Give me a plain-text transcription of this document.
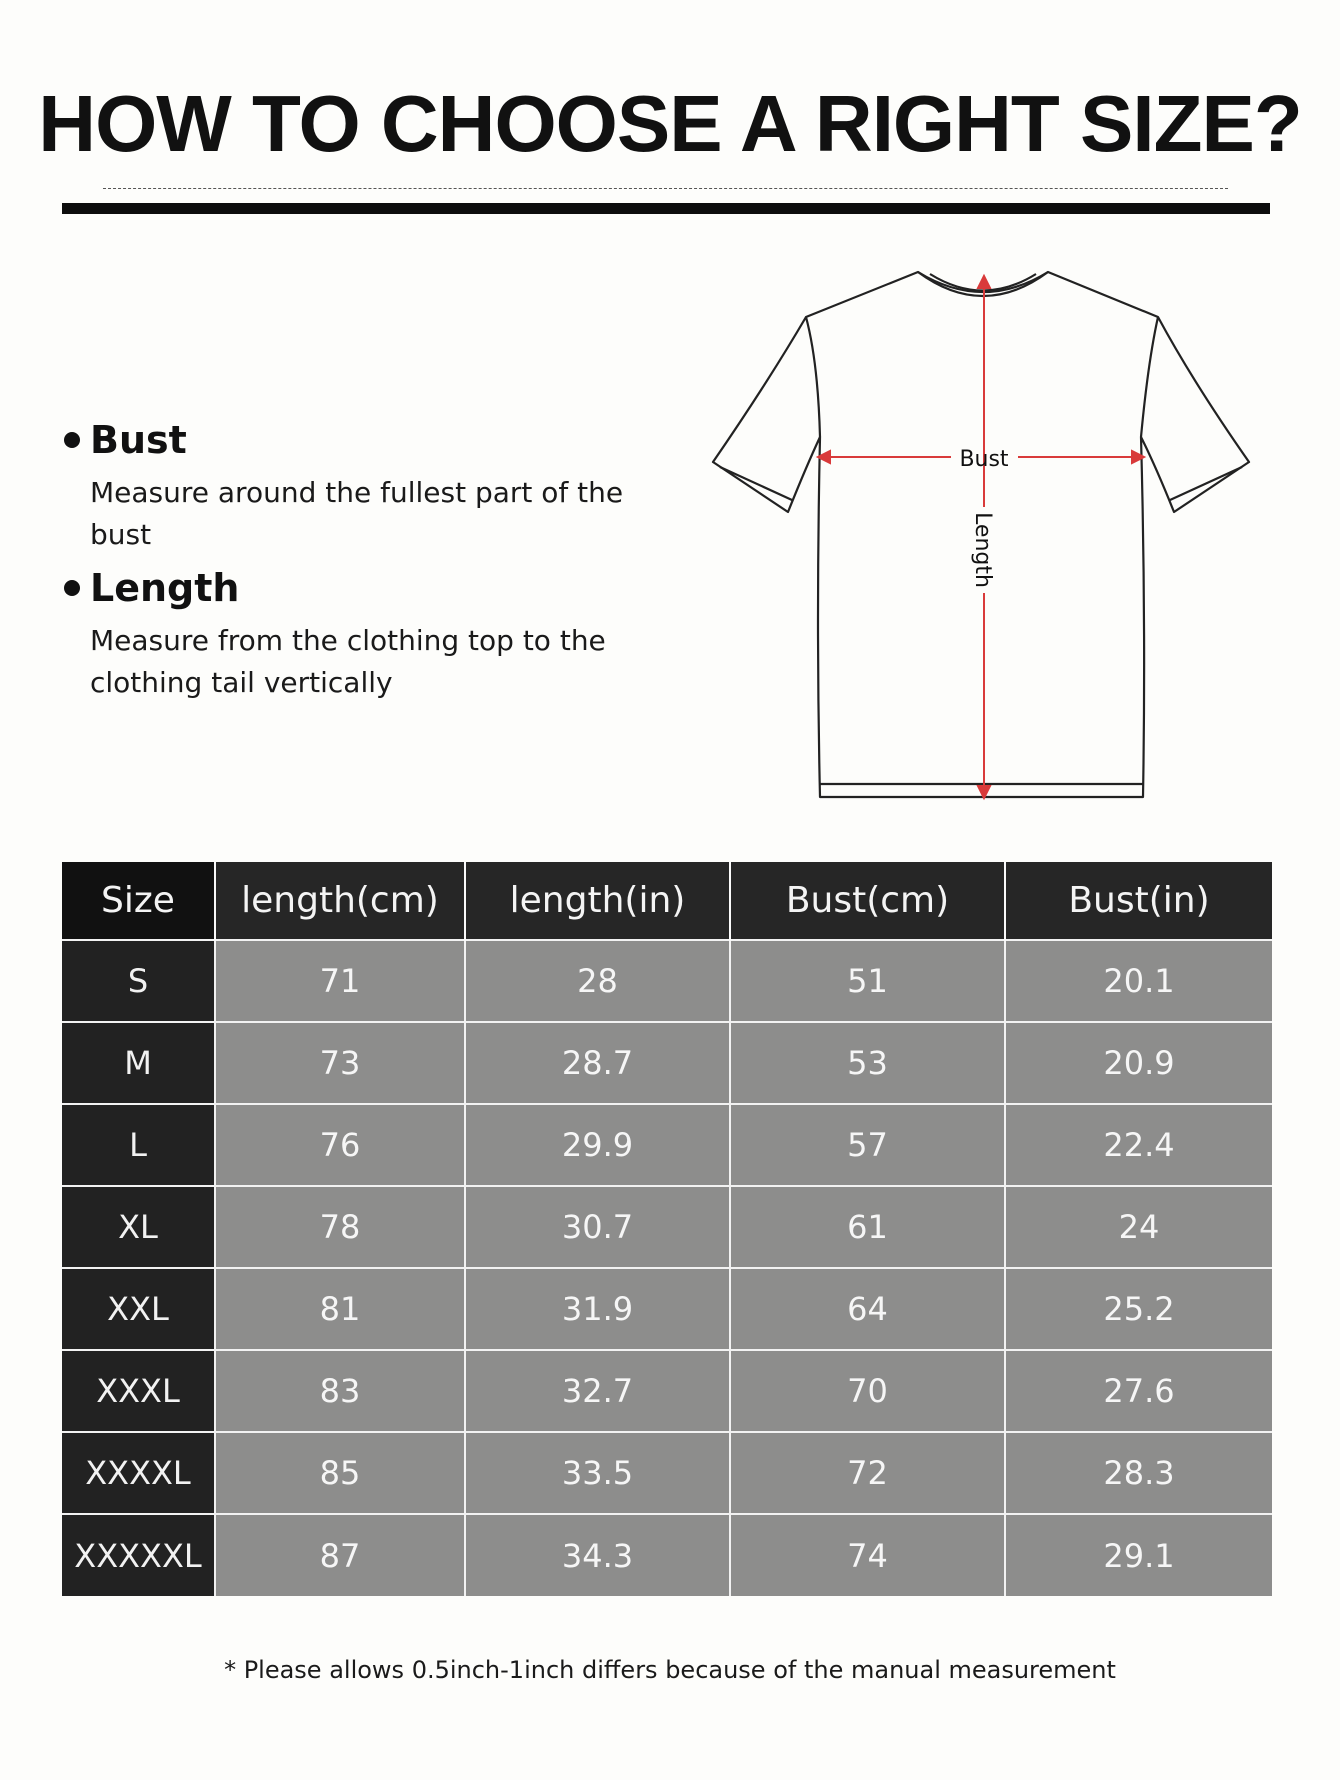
HOW TO CHOOSE A RIGHT SIZE?
Bust
Measure around the fullest part of the bust
Length
Measure from the clothing top to the clothing tail vertically
Bust
Length
Size	length(cm)	length(in)	Bust(cm)	Bust(in)
S	71	28	51	20.1
M	73	28.7	53	20.9
L	76	29.9	57	22.4
XL	78	30.7	61	24
XXL	81	31.9	64	25.2
XXXL	83	32.7	70	27.6
XXXXL	85	33.5	72	28.3
XXXXXL	87	34.3	74	29.1
* Please allows 0.5inch-1inch differs because of the manual measurement
